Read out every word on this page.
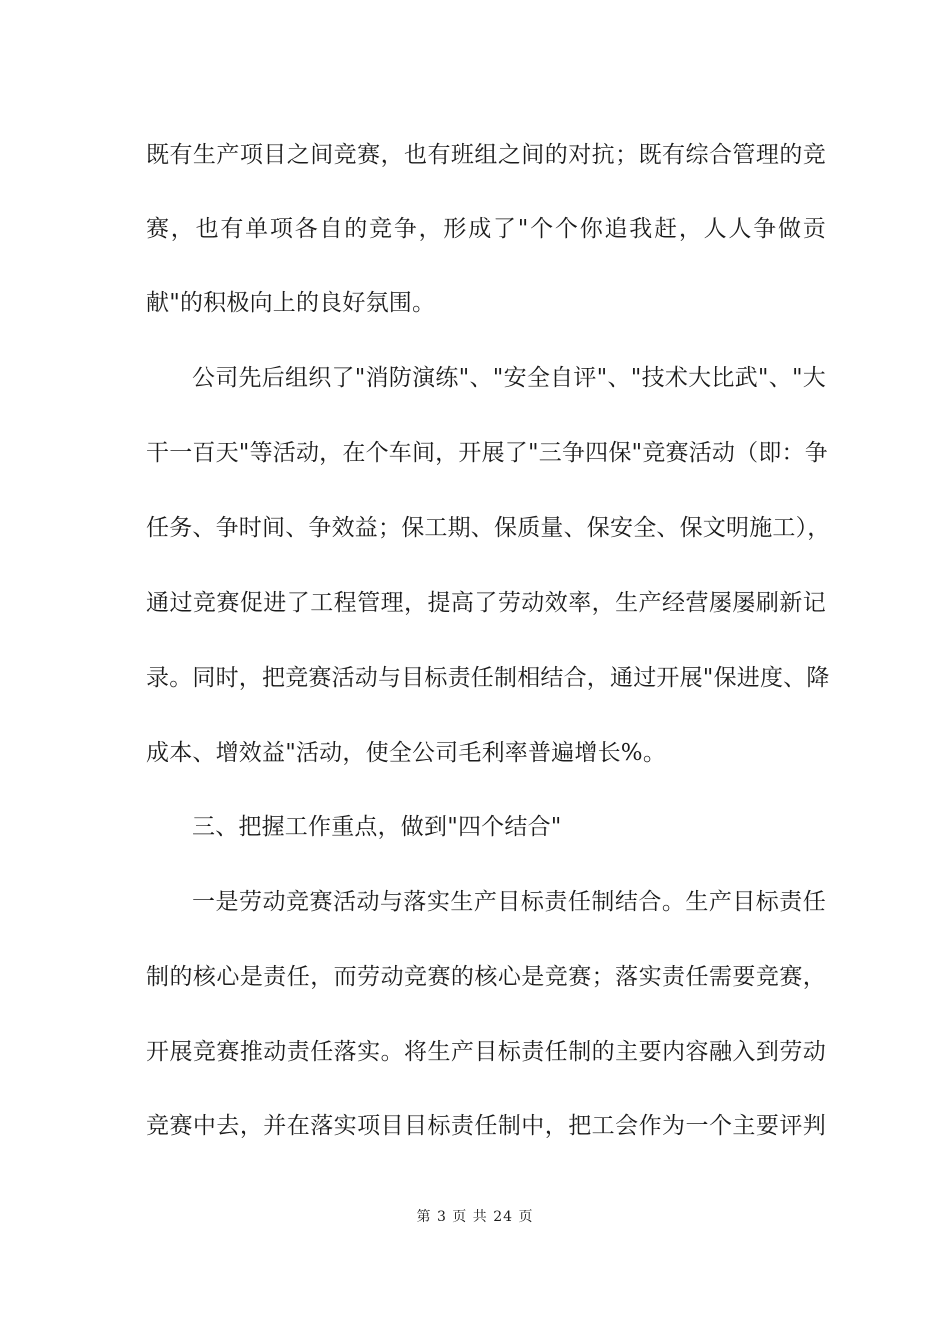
既有生产项目之间竞赛，也有班组之间的对抗；既有综合管理的竞
赛，也有单项各自的竞争，形成了"个个你追我赶，人人争做贡
献"的积极向上的良好氛围。
公司先后组织了"消防演练"、"安全自评"、"技术大比武"、"大
干一百天"等活动，在个车间，开展了"三争四保"竞赛活动（即：争
任务、争时间、争效益；保工期、保质量、保安全、保文明施工），
通过竞赛促进了工程管理，提高了劳动效率，生产经营屡屡刷新记
录。同时，把竞赛活动与目标责任制相结合，通过开展"保进度、降
成本、增效益"活动，使全公司毛利率普遍增长%。
三、把握工作重点，做到"四个结合"
一是劳动竞赛活动与落实生产目标责任制结合。生产目标责任
制的核心是责任，而劳动竞赛的核心是竞赛；落实责任需要竞赛，
开展竞赛推动责任落实。将生产目标责任制的主要内容融入到劳动
竞赛中去，并在落实项目目标责任制中，把工会作为一个主要评判
第 3 页 共 24 页
